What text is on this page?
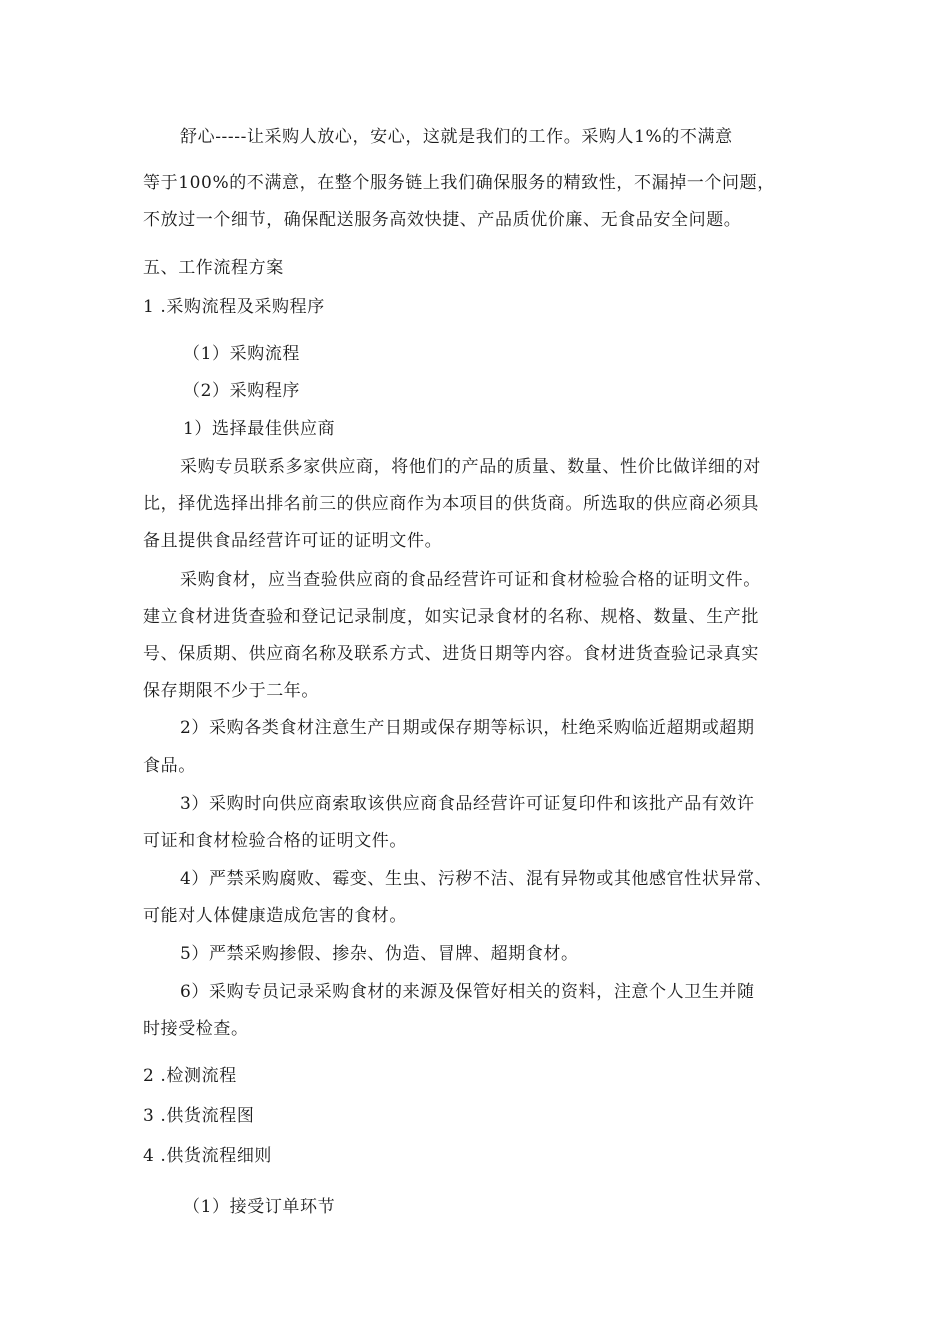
舒心-----让采购人放心，安心，这就是我们的工作。采购人1%的不满意

等于100%的不满意，在整个服务链上我们确保服务的精致性，不漏掉一个问题，

不放过一个细节，确保配送服务高效快捷、产品质优价廉、无食品安全问题。

五、工作流程方案

1 .采购流程及采购程序

（1）采购流程

（2）采购程序

1）选择最佳供应商

采购专员联系多家供应商，将他们的产品的质量、数量、性价比做详细的对

比，择优选择出排名前三的供应商作为本项目的供货商。所选取的供应商必须具

备且提供食品经营许可证的证明文件。

采购食材，应当查验供应商的食品经营许可证和食材检验合格的证明文件。

建立食材进货查验和登记记录制度，如实记录食材的名称、规格、数量、生产批

号、保质期、供应商名称及联系方式、进货日期等内容。食材进货查验记录真实

保存期限不少于二年。

2）采购各类食材注意生产日期或保存期等标识，杜绝采购临近超期或超期

食品。

3）采购时向供应商索取该供应商食品经营许可证复印件和该批产品有效许

可证和食材检验合格的证明文件。

4）严禁采购腐败、霉变、生虫、污秽不洁、混有异物或其他感官性状异常、

可能对人体健康造成危害的食材。

5）严禁采购掺假、掺杂、伪造、冒牌、超期食材。

6）采购专员记录采购食材的来源及保管好相关的资料，注意个人卫生并随

时接受检查。

2 .检测流程

3 .供货流程图

4 .供货流程细则

（1）接受订单环节
